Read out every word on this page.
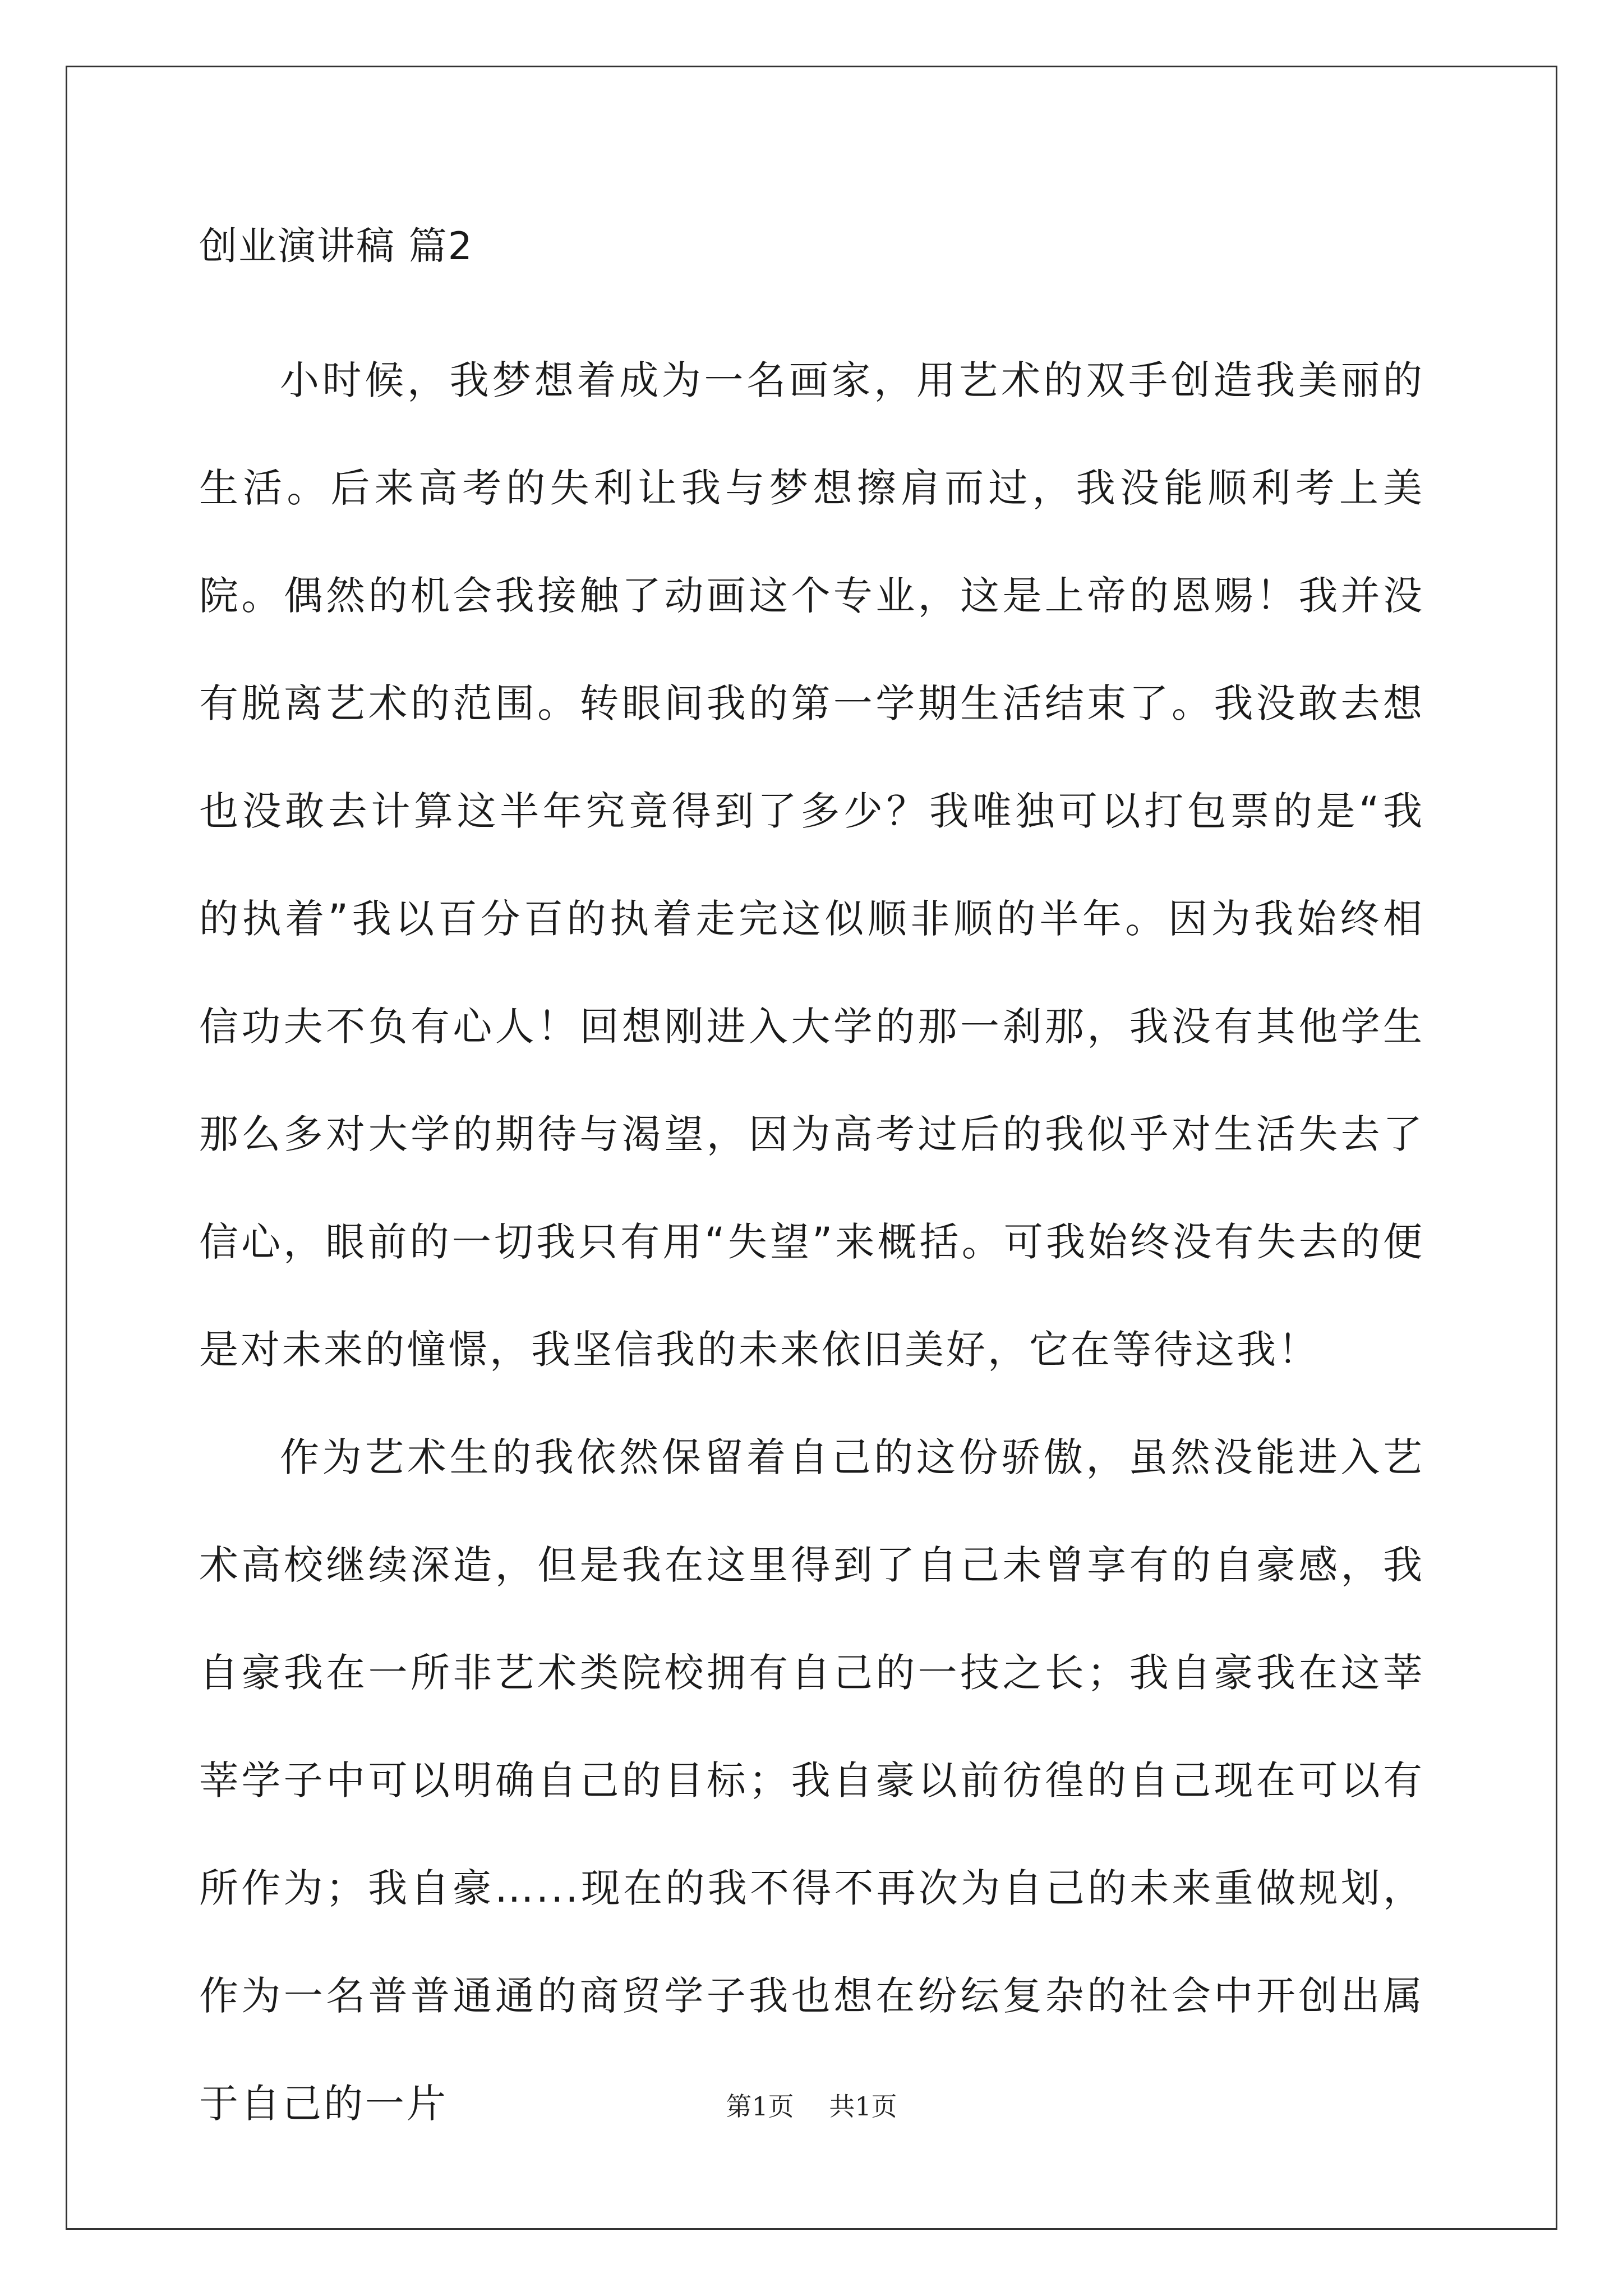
创业演讲稿 篇2

小时候，我梦想着成为一名画家，用艺术的双手创造我美丽的生活。后来高考的失利让我与梦想擦肩而过，我没能顺利考上美院。偶然的机会我接触了动画这个专业，这是上帝的恩赐！我并没有脱离艺术的范围。转眼间我的第一学期生活结束了。我没敢去想也没敢去计算这半年究竟得到了多少？我唯独可以打包票的是“我的执着”我以百分百的执着走完这似顺非顺的半年。因为我始终相信功夫不负有心人！回想刚进入大学的那一刹那，我没有其他学生那么多对大学的期待与渴望，因为高考过后的我似乎对生活失去了信心，眼前的一切我只有用“失望”来概括。可我始终没有失去的便是对未来的憧憬，我坚信我的未来依旧美好，它在等待这我！

作为艺术生的我依然保留着自己的这份骄傲，虽然没能进入艺术高校继续深造，但是我在这里得到了自己未曾享有的自豪感，我自豪我在一所非艺术类院校拥有自己的一技之长；我自豪我在这莘莘学子中可以明确自己的目标；我自豪以前彷徨的自己现在可以有所作为；我自豪…...现在的我不得不再次为自己的未来重做规划，作为一名普普通通的商贸学子我也想在纷纭复杂的社会中开创出属于自己的一片	第1页 共1页
